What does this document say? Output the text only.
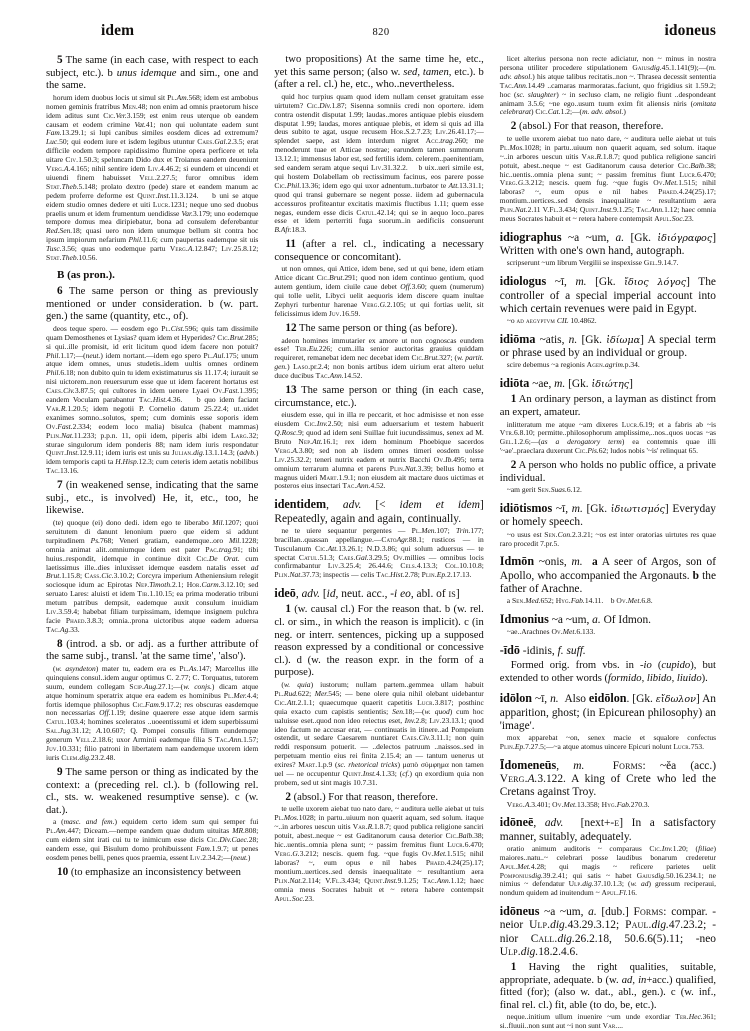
idem	820	idoneus

5 The same (in each case, with respect to each subject, etc.). b unus idemque and sim., one and the same.

horum idem duobus locis ut simul sit Pl.Am.568; idem est ambobus nomen geminis fratribus Men.48; non enim ad omnis praetorum hisce idem aditus sunt Cic.Ver.3.159; est enim reus uterque ob eandem causam et eodem crimine Vat.41; non qui uoluntate eadem sunt Fam.13.29.1; si lupi canibus similes eosdem dices ad extremum? Luc.50; qui eodem iure et isdem legibus utuntur Caes.Gal.2.3.5; erat difficile eodem tempore rapidissimo flumine opera perficere et tela uitare Civ.1.50.3; speluncam Dido dux et Troianus eandem deueniunt Verg.A.4.165; nihil sentire idem Liv.4.46.2; si eundem et uincendi et uiuendi finem habuisset Vell.2.27.5; furor omnibus idem Stat.Theb.5.148; prolato dextro (pede) stare et eandem manum ac pedem proferre deforme est Quint.Inst.11.3.124.    b uni se atque eidem studio omnes dedere et uiti Lucr.1231; neque uno sed duobus praelis unum et idem frumentum uendidisse Var.3.179; uno eodemque tempore domus mea diripiebatur, bona ad consulem deferebantur Red.Sen.18; quasi uero non idem unumque bellum sit contra hoc ipsum impiorum nefarium Phil.11.6; cum paupertas eademque sit uis Tusc.3.56; quas uno eodemque partu Verg.A.12.847; Liv.25.8.12; Stat.Theb.10.56.

B (as pron.).

6 The same person or thing as previously mentioned or under consideration. b (w. part. gen.) the same (quantity, etc., of).

deos teque spero. — eosdem ego Pl.Cist.596; quis tam dissimile quam Demosthenes et Lysias? quam idem et Hyperides? Cic.Brut.285; si qui..ille promisit, id erit licitum quod idem facere non potuit? Phil.1.17;—(neut.) idem nortant.—idem ego spero Pl.Aul.175; unum atque idem omnes, unus studetis..idem uultis omnes ordinem Phil.6.18; non dubito quin tu idem existimaturus sis 11.17.4; iurauit se nisi uictorem..non reuersurum esse que ut idem facerent hortatus est Caes.Civ.3.87.5; qui cultores in idem uenere Lyaei Ov.Fast.1.395; eandem Voculam parabantur Tac.Hist.4.36.    b quo idem faciant Var.R.1.20.5; idem negotii P. Cornelio datum 25.22.4; ut..uidet exanimes somno..solutos, spem; cum dominis esse soporis idem Ov.Fast.2.334; eodem loco malia) bisulca (habent mammas) Plin.Nat.11.233; p.p.n. 11, opii idem, piperis albi idem Larg.32; sturae singulorum idem ponderis 88; nam idem iuris respondatur Quint.Inst.12.9.11; idem iuris est unis su Julian.dig.13.1.14.3; (advb.) idem temporis capti ta H.Hisp.12.3; cum ceteris idem aetatis nobilibus Tac.13.16.

7 (in weakened sense, indicating that the same subj., etc., is involved) He, it, etc., too, he likewise.

(te) quoque (ei) dono dedi. idem ego te liberabo Mil.1207; quoi seruitutem di danunt lenonium puero que eidem si addunt turpitudinem Ps.768; Veneri gratiam, eandemque..oro Mil.1228; omnia animat alit..omniumque idem est pater Pac.trag.91; tibi huius..respondit, idemque in continue dixit Cic.De Orat. cum laetissimus ille..dies inluxisset idemque easdem natalis esset ad Brut.1.15.8; Cass.Cic.3.10.2; Corcyra imperium Atheniensium relegit sociosque idum ac Epirotas Nep.Timoth.2.1; Hor.Carm.3.12.10; sed seruato Lares: aluisti et idem Tib.1.10.15; ea prima moderatio tribuni metum patribus dempsit, eademque auxit consulum inuidiam Liv.3.59.4; habebat filiam turpissimam, idemque insignem pulchra facie Phaed.3.8.3; omnia..prona uictoribus atque eadem aduersa Tac.Ag.33.

8 (introd. a sb. or adj. as a further attribute of the same subj., transl. 'at the same time', 'also').

(w. asyndeton) mater tu, eadem era es Pl.As.147; Marcellus ille quinquiens consul..idem augur optimus C. 2.77; C. Torquatus, tutorem suum, eundem collegam Scip.Aug.27.1;—(w. conjs.) dicam atque atque hominum speratrix atque era eadem es hominibus Pl.Mer.4.4; fortis idemque philosophus Cic.Fam.9.17.2; res obscuras easdemque non necessarias Off.1.19; desine quaerere esse atque idem sarmis Catul.103.4; homines sceleratos ..uoeentissumi et idem superbissumi Sal.Jug.31.12; A.10.607; Q. Pompei consulis filium eundemque generum Vell.2.18.6; uxor Arminii eademque filia S Tac.Ann.1.57; Juv.10.331; filio patroni in libertatem nam eandemque uxorem idem iuris Clem.dig.23.2.48.

9 The same person or thing as indicated by the context: a (preceding rel. cl.). b (following rel. cl., sts. w. weakened resumptive sense). c (w. dat.).

a (masc. and fem.) equidem certo idem sum qui semper fui Pl.Am.447; Diceam.—nempe eandem quae dudum uituitas MR.808; cum eidem sint irati cui tu te inimicum esse dicis Cic.Div.Caec.28; eandem esse, qui Bisulum domo prohibuissent Fam.1.9.7; ut penes eosdem penes belli, penes quos praemia, essent Liv.2.34.2;—(neut.)

10 (to emphasize an inconsistency between

two propositions) At the same time he, etc., yet this same person; (also w. sed, tamen, etc.). b (after a rel. cl.) he, etc., who..nevertheless.

quid hoc turpius quam quod idem nullam censet gratuitam esse uirtutem? Cic.Div.1.87; Sisenna somniis credi non oportere. idem contra ostendit disputat 1.99; laudas..mores antiquae plebis eiusdem disputat 1.99; laudas, mores antiquae plebis, et idem si quis ad illa deus subito te agat, usque recusem Hor.S.2.7.23; Liv.26.41.17;—splendet saepe, ast idem interdum nigret Acc.trag.260; me menoderunt tuae et Atticae nostrae; earundem tamen summorum 13.12.1; immensus labor est, sed fertilis idem. celerem..paenitentiam, sed eandem seram atque sequi Liv.31.32.2.    b uix..ueri simile est, qui hostem Dolabellam ob rectissimum facinus, eos parere posse Cic.Phil.13.36; idem ego qui uxor adnentum..turbator te Att.13.31.1; quod qui transi gubernare se negent posse. iidem ad gubernacula accessuros profiteantur excitatis maximis fluctibus 1.11; quem esse negas, eundem esse dicis Catul.42.14; qui se in aequo loco..pares esse et idem perterriti fuga suorum..in aedificiis consuerunt B.Afr.18.3.

11 (after a rel. cl., indicating a necessary consequence or concomitant).

ut non omnes, qui Attice, idem bene, sed ut qui bene, idem etiam Attice dicant Cic.Brut.291; quod non idem continuo gentium, quod autem gentium, idem ciuile caue debet Off.3.60; quem (numerum) qui tolle uelit, Libyci uelit aequoris idem discere quam inultae Zephyri turbentur harenae Verg.G.2.105; ut qui fortias uelit, sit felicissimus idem Juv.16.59.

12 The same person or thing (as before).

adeon homines immutarier ex amore ut non cognoscas eundem esse! Ter.Eu.226; cum..illa senior auctoritas grauius quiddam requireret, remanebat idem nec decebat idem Cic.Brut.327; (w. partit. gen.) Laso.pr.2.4; non bonis artibus idem uirium erat altero uelut duce ducibus Tac.Ann.14.52.

13 The same person or thing (in each case, circumstance, etc.).

eiusdem esse, qui in illa re peccarit, et hoc admisisse et non esse eiusdem Cic.Inv.2.50; nisi eum aduersarium et testem habuerit Q.Rosc.9; quod ad idem seni Suillae fuit iucundissimus, senex ad M. Bruto Nep.Att.16.1; rex idem hominum Phoebique sacerdos Verg.A.3.80; sed non ab iisdem omnes timeri eosdem uolsse Liv.25.32.2; teneri nutrix eadem et nutrix Bacchi Ov.Ib.495; terra omnium terrarum alumna et parens Plin.Nat.3.39; bellus homo et magnus uideri Mart.1.9.1; non eiusdem ait mactare duos uictimas et posteros eius insectari Tac.Ann.4.52.

identidem, adv. [< idem et idem] Repeatedly, again and again, continually.

ne te uiere sequantur pergentes — Pl.Men.107; Trin.177; bracillan..quassan appellangue.—CatoAgr.88.1; rusticos — in Tusculanum Cic.Att.13.26.1; N.D.3.86; qui solum aduersus — te spectat Catul.51.3; Caes.Gal.3.29.5; Ov.millies — omnibus locis confirmabantur Liv.3.25.4; 26.44.6; Cels.4.13.3; Col.10.10.8; Plin.Nat.37.73; inspectis — celis Tac.Hist.2.78; Plin.Ep.2.17.13.

ideō, adv. [id, neut. acc., -i eo, abl. of is]

1 (w. causal cl.) For the reason that. b (w. rel. cl. or sim., in which the reason is implicit). c (in neg. or interr. sentences, picking up a supposed reason expressed by a conditional or concessive cl.). d (w. the reason expr. in the form of a purpose).

(w. quia) iustorum; nullam partem..gemmea ullam habuit Pl.Rud.622; Mer.545; — bene olere quia nihil olebant uidebantur Cic.Att.2.1.1; quaecumque quaerit capetitis Lucr.3.817; posthinc quia exacto cum capistis sentientis; Sen.18;—(w. quod) cum hoc ualuisse eset..quod non ideo reiectus eset, Inv.2.8; Liv.23.13.1; quod ideo factum ne accusar erat, — continuatis in itinere..ad Pompeium ostendit, ut sedare Caesarem nuntiaret Caes.Civ.3.11.1; non quin reddi responsum potuerit. — ..delectos patruum ..naissos..sed in perpetuam mentio eius rei finita 2.15.4; an — tantum uenerus ut exires? Mart.1.p.9 (sc. rhetorical tricks) μαπὸ σύμφημα non tamen uel — ne occupentur Quint.Inst.4.1.33; (cf.) qn exordium quia non probem, sed ut sint magis 10.7.31.

2 (absol.) For that reason, therefore.

te uelle uxorem aiebat tuo nato dare, ~ auditura uelle aiebat ut tuis Pl.Mos.1028; in partu..uiuum non quaerit aquam, sed solum. itaque ~..in arbores uescun uitis Var.R.1.8.7; quod publica religione sanciri potuit, abest..neque ~ est Gaditanorum causa deterior Cic.Balb.38; hic..uentis..omnia plena sunt; ~ passim fremitus fiunt Lucr.6.470; Verg.G.3.212; nescis. quem fug. ~que fugis Ov.Met.1.515; nihil laboras? ~, eum opus e nil habes Phaed.4.24(25).17; montium..uertices..sed densis inaequalitate ~ resultantium aera Plin.Nat.2.114; V.Fl.3.434; Quint.Inst.9.1.25; Tac.Ann.1.12; haec omnia meus Socrates habuit et ~ retera habere contempsit Apul.Soc.23.

licet alterius persona non recte adiciatur, non ~ minus in nostra persona utiliter procedere stipulationem Gaiusdig.45.1.141(9);—(m. adv. absol.) his atque talibus recitatis..non ~. Thrasea decessit sententia Tac.Ann.14.49 ..camaras marmoratas..faciunt, quo frigidius sit 1.59.2; hoc (sc. slaughter) ~ in secluso clam, ne religio fiunt ..despondeant animam 3.5.6; ~ne ego..usum tuum exim fit aliensis niris (omitata celebrarat) Cic.Cat.1.2;—(m. adv. absol.)

2 (absol.) For that reason, therefore.

te uelle uxorem aiebat tuo nato dare, ~ auditura uelle aiebat ut tuis Pl.Mos.1028; in partu..uiuum non quaerit aquam, sed solum. itaque ~..in arbores uescun uitis Var.R.1.8.7; quod publica religione sanciri potuit, abest..neque ~ est Gaditanorum causa deterior Cic.Balb.38; hic..uentis..omnia plena sunt; ~ passim fremitus fiunt Lucr.6.470; Verg.G.3.212; nescis. quem fug. ~que fugis Ov.Met.1.515; nihil laboras? ~, eum opus e nil habes Phaed.4.24(25).17; montium..uertices..sed densis inaequalitate ~ resultantium aera Plin.Nat.2.11 V.Fl.3.434; Quint.Inst.9.1.25; Tac.Ann.1.12; haec omnia meus Socrates habuit et ~ retera habere contempsit Apul.Soc.23.

idiographus ~a ~um, a. [Gk. ἰδιόγραφος] Written with one's own hand, autograph.

scripserunt ~um librum Vergilii se inspexisse Gel.9.14.7.

idiologus ~ī, m. [Gk. ἴδιος λόγος] The controller of a special imperial account into which certain revenues were paid in Egypt.

~o ad aegyptvm CIL 10.4862.

idiōma ~atis, n. [Gk. ἰδίωμα] A special term or phrase used by an individual or group.

scire debemus ~a regionis Agen.agrim.p.34.

idiōta ~ae, m. [Gk. ἰδιώτης]

1 An ordinary person, a layman as distinct from an expert, amateur.

inlitteratum me atque ~am dixeres Lucr.6.19; et a fabris ab ~is Vtr.6.8.10; permitte..philosophorum amplissime,..nos..quos uocas ~as Gel.1.2.6;—(as a derogatory term) ea contemnis quae illi '~ae'..praeclara duxerunt Cic.Pis.62; ludos nobis '~is' relinquat 65.

2 A person who holds no public office, a private individual.

~am gerit Sen.Suas.6.12.

idiōtismos ~ī, m. [Gk. ἰδιωτισμός] Everyday or homely speech.

~o usus est Sen.Con.2.3.21; ~os est inter oratorias uirtutes res quae raro procedit 7.pr.5.

Idmōn ~onis, m. a A seer of Argos, son of Apollo, who accompanied the Argonauts. b the father of Arachne.

a Sen.Med.652; Hyg.Fab.14.11.    b Ov.Met.6.8.

Idmonius ~a ~um, a. Of Idmon.

~ae..Arachnes Ov.Met.6.133.

-īdō -idinis, f. suff.

Formed orig. from vbs. in -io (cupido), but extended to other words (formido, libido, liuido).

idōlon ~ī, n.  Also eidōlon. [Gk. εἴδωλον] An apparition, ghost; (in Epicurean philosophy) an 'image'.

mox apparebat ~on, senex macie et squalore confectus Plin.Ep.7.27.5;—~a atque atomus uincere Epicuri nolunt Lucr.753.

Īdomeneūs, m. Forms: ~ĕa (acc.) Verg.A.3.122. A king of Crete who led the Cretans against Troy.

Verg.A.3.401; Ov.Met.13.358; Hyg.Fab.270.3.

idōneē, adv.  [next+-e] In a satisfactory manner, suitably, adequately.

oratio animum auditoris ~ comparaus Cic.Inv.1.20; (filiae) maiores..natu..~ celebrari posse laudibus bonarum crederetur Apul.Met.4.28; qui magis ~ reficere parietes uelit Pomponiusdig.39.2.41; qui satis ~ habet Gaiusdig.50.16.234.1; ne nimius ~ defendatur Ulp.dig.37.10.1.3; (w. ad) gressum reciperaui, nondum quidem ad inuitendum ~ Apul.Fl.16.

idōneus ~a ~um, a. [dub.] Forms: compar. -neior Ulp.dig.43.29.3.12; Paul.dig.47.23.2; -nior Call.dig.26.2.18, 50.6.6(5).11; -neo Ulp.dig.18.2.4.6.

1 Having the right qualities, suitable, appropriate, adequate. b (w. ad, in+acc.) qualified, fitted (for); (also w. dat., abl., gen.). c (w. inf., final rel. cl.) fit, able (to do, be, etc.).

neque..initium ullum inuenire ~um unde exordiar Ter.Hec.361; si..fluuii..non sunt aut ~i non sunt Var....
